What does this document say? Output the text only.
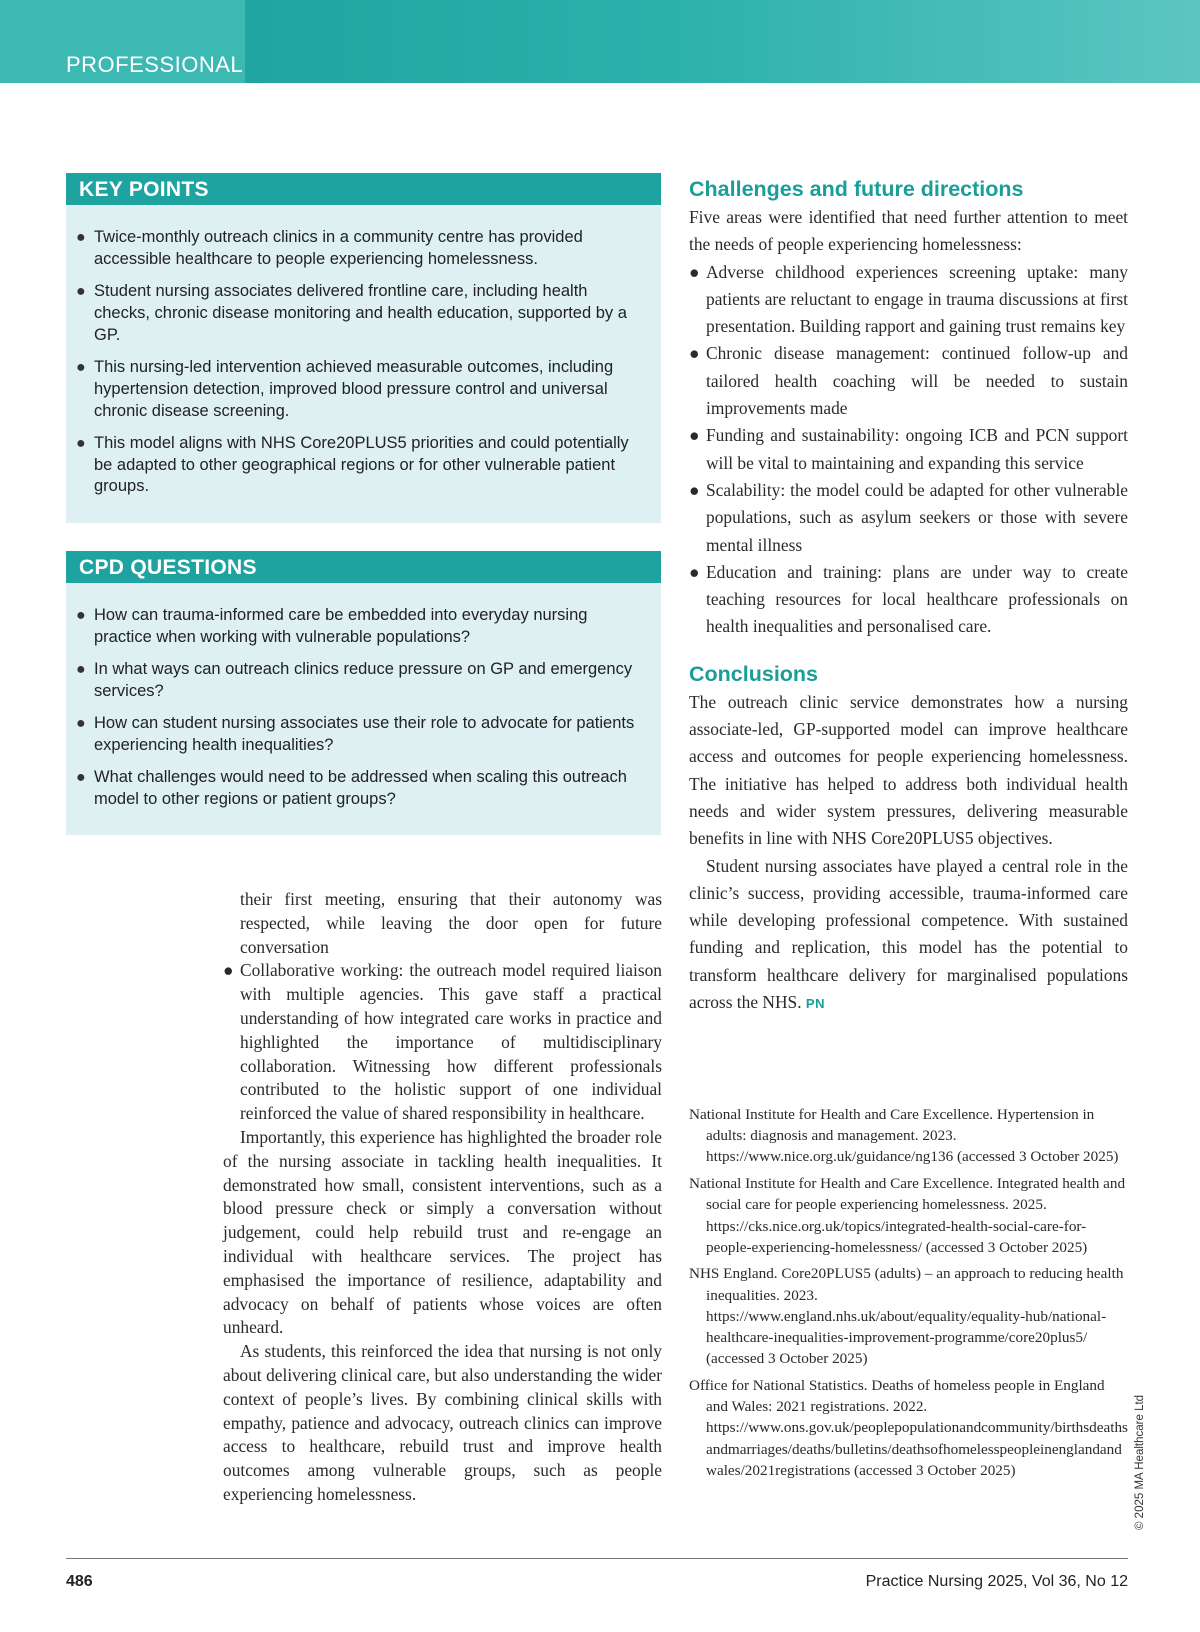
PROFESSIONAL
KEY POINTS
● Twice-monthly outreach clinics in a community centre has provided accessible healthcare to people experiencing homelessness.
● Student nursing associates delivered frontline care, including health checks, chronic disease monitoring and health education, supported by a GP.
● This nursing-led intervention achieved measurable outcomes, including hypertension detection, improved blood pressure control and universal chronic disease screening.
● This model aligns with NHS Core20PLUS5 priorities and could potentially be adapted to other geographical regions or for other vulnerable patient groups.
CPD QUESTIONS
● How can trauma-informed care be embedded into everyday nursing practice when working with vulnerable populations?
● In what ways can outreach clinics reduce pressure on GP and emergency services?
● How can student nursing associates use their role to advocate for patients experiencing health inequalities?
● What challenges would need to be addressed when scaling this outreach model to other regions or patient groups?

their first meeting, ensuring that their autonomy was respected, while leaving the door open for future conversation

● Collaborative working: the outreach model required liaison with multiple agencies. This gave staff a practical understanding of how integrated care works in practice and highlighted the importance of multidisciplinary collaboration. Witnessing how different professionals contributed to the holistic support of one individual reinforced the value of shared responsibility in healthcare.

Importantly, this experience has highlighted the broader role of the nursing associate in tackling health inequalities. It demonstrated how small, consistent interventions, such as a blood pressure check or simply a conversation without judgement, could help rebuild trust and re-engage an individual with healthcare services. The project has emphasised the importance of resilience, adaptability and advocacy on behalf of patients whose voices are often unheard.

As students, this reinforced the idea that nursing is not only about delivering clinical care, but also understanding the wider context of people’s lives. By combining clinical skills with empathy, patience and advocacy, outreach clinics can improve access to healthcare, rebuild trust and improve health outcomes among vulnerable groups, such as people experiencing homelessness.

Challenges and future directions

Five areas were identified that need further attention to meet the needs of people experiencing homelessness:

● Adverse childhood experiences screening uptake: many patients are reluctant to engage in trauma discussions at first presentation. Building rapport and gaining trust remains key
● Chronic disease management: continued follow-up and tailored health coaching will be needed to sustain improvements made
● Funding and sustainability: ongoing ICB and PCN support will be vital to maintaining and expanding this service
● Scalability: the model could be adapted for other vulnerable populations, such as asylum seekers or those with severe mental illness
● Education and training: plans are under way to create teaching resources for local healthcare professionals on health inequalities and personalised care.
Conclusions

The outreach clinic service demonstrates how a nursing associate-led, GP-supported model can improve healthcare access and outcomes for people experiencing homelessness. The initiative has helped to address both individual health needs and wider system pressures, delivering measurable benefits in line with NHS Core20PLUS5 objectives.

Student nursing associates have played a central role in the clinic’s success, providing accessible, trauma-informed care while developing professional competence. With sustained funding and replication, this model has the potential to transform healthcare delivery for marginalised populations across the NHS. PN

National Institute for Health and Care Excellence. Hypertension in adults: diagnosis and management. 2023. https://www.nice.org.uk/guidance/ng136 (accessed 3 October 2025)
National Institute for Health and Care Excellence. Integrated health and social care for people experiencing homelessness. 2025. https://cks.nice.org.uk/topics/integrated-health-social-care-for-people-experiencing-homelessness/ (accessed 3 October 2025)
NHS England. Core20PLUS5 (adults) – an approach to reducing health inequalities. 2023. https://www.england.nhs.uk/about/equality/equality-hub/national-healthcare-inequalities-improvement-programme/core20plus5/ (accessed 3 October 2025)
Office for National Statistics. Deaths of homeless people in England and Wales: 2021 registrations. 2022. https://www.ons.gov.uk/peoplepopulationandcommunity/birthsdeathsandmarriages/deaths/bulletins/deathsofhomelesspeopleinenglandandwales/2021registrations (accessed 3 October 2025)	© 2025 MA Healthcare Ltd
486	Practice Nursing 2025, Vol 36, No 12
